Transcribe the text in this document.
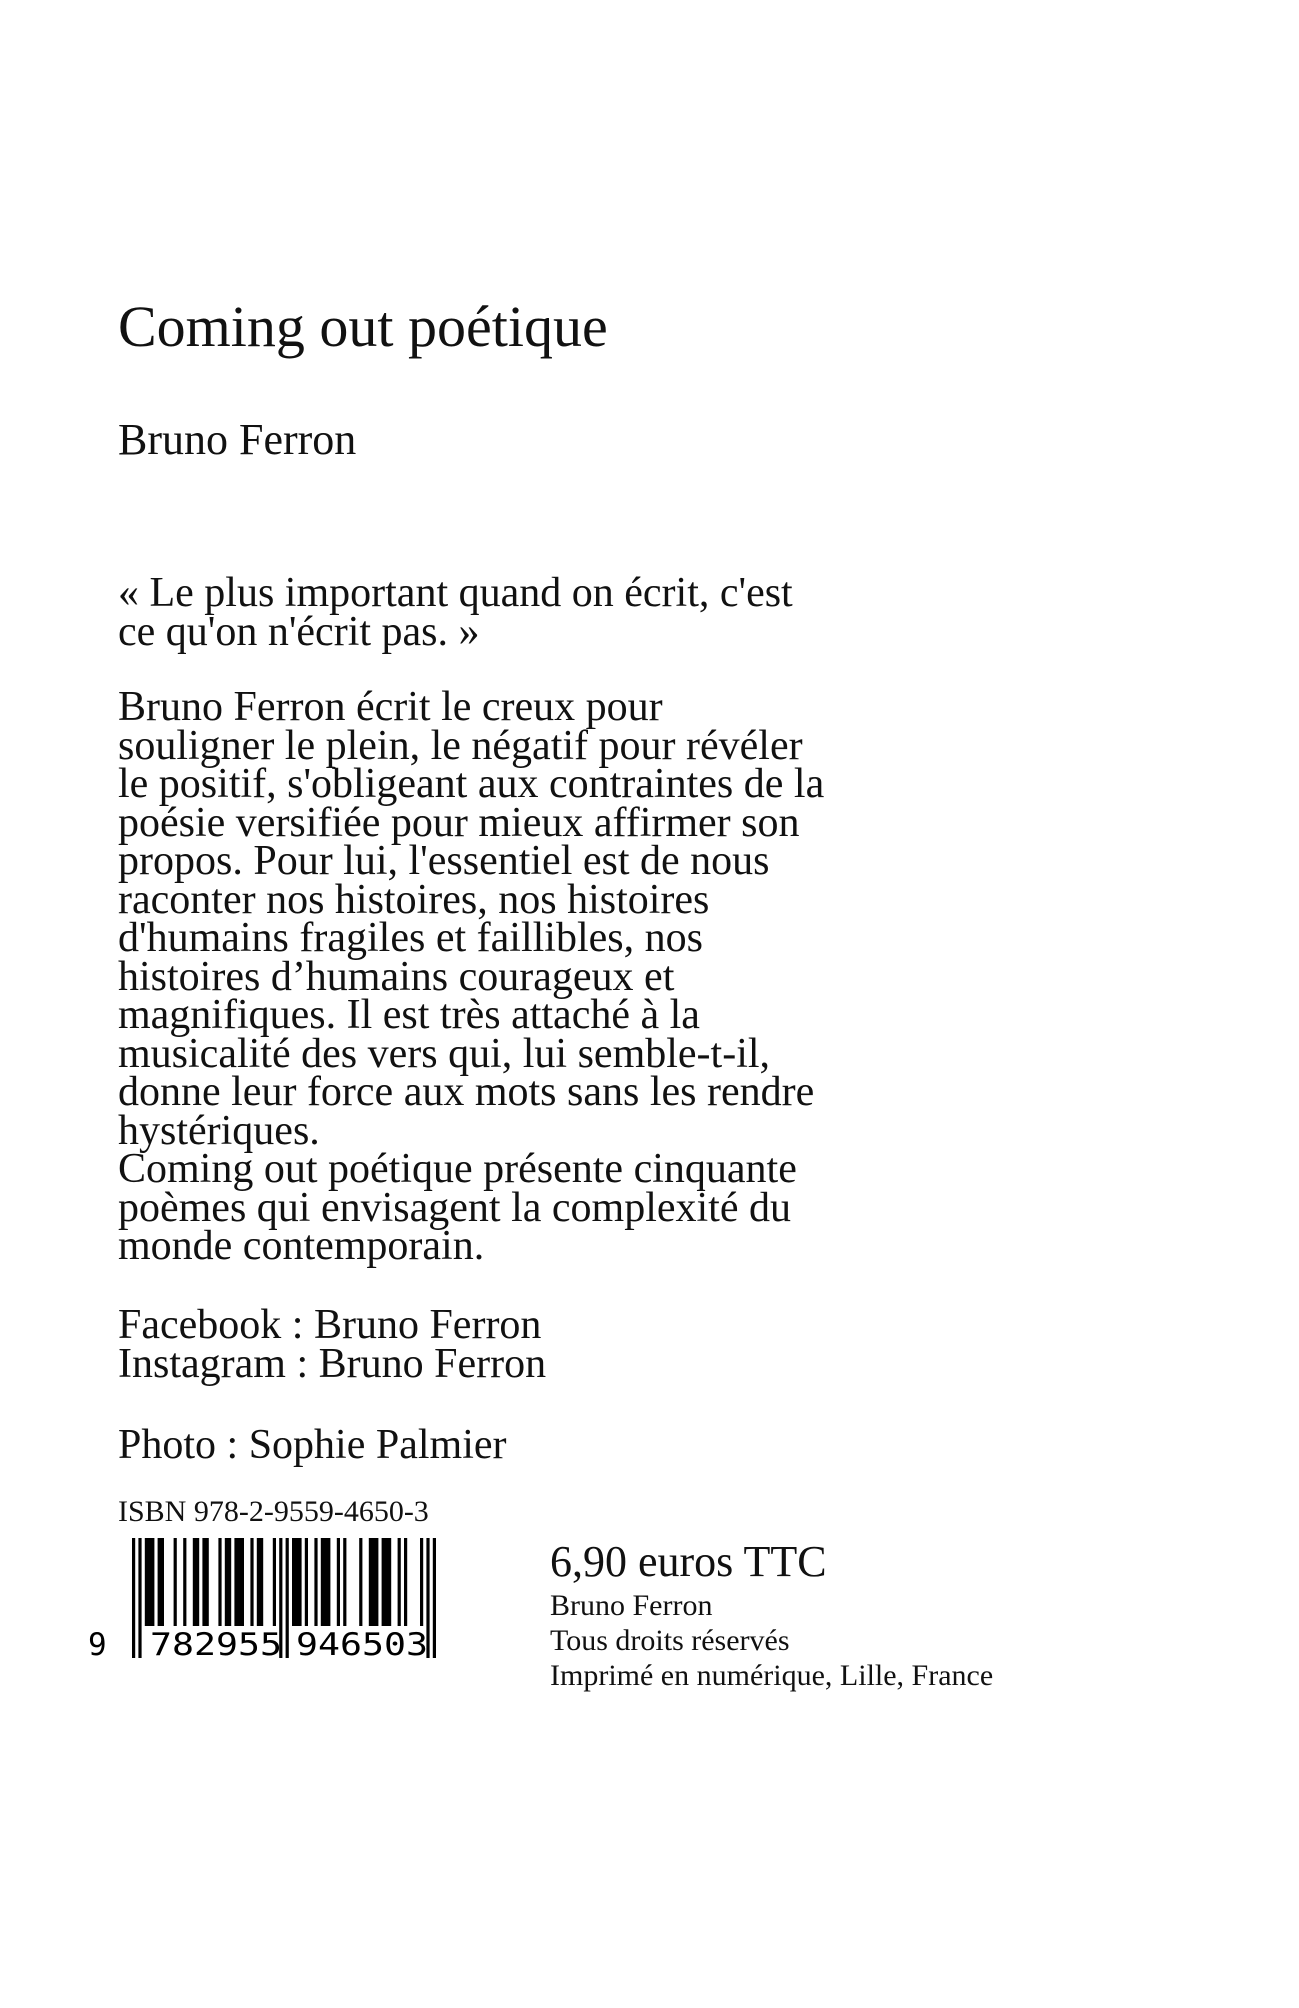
Coming out poétique
Bruno Ferron
« Le plus important quand on écrit, c'est
ce qu'on n'écrit pas. »
Bruno Ferron écrit le creux pour
souligner le plein, le négatif pour révéler
le positif, s'obligeant aux contraintes de la
poésie versifiée pour mieux affirmer son
propos. Pour lui, l'essentiel est de nous
raconter nos histoires, nos histoires
d'humains fragiles et faillibles, nos
histoires d’humains courageux et
magnifiques. Il est très attaché à la
musicalité des vers qui, lui semble-t-il,
donne leur force aux mots sans les rendre
hystériques.
Coming out poétique présente cinquante
poèmes qui envisagent la complexité du
monde contemporain.
Facebook : Bruno Ferron
Instagram : Bruno Ferron
Photo : Sophie Palmier
ISBN 978-2-9559-4650-3
9 782955 946503
6,90 euros TTC
Bruno Ferron
Tous droits réservés
Imprimé en numérique, Lille, France
